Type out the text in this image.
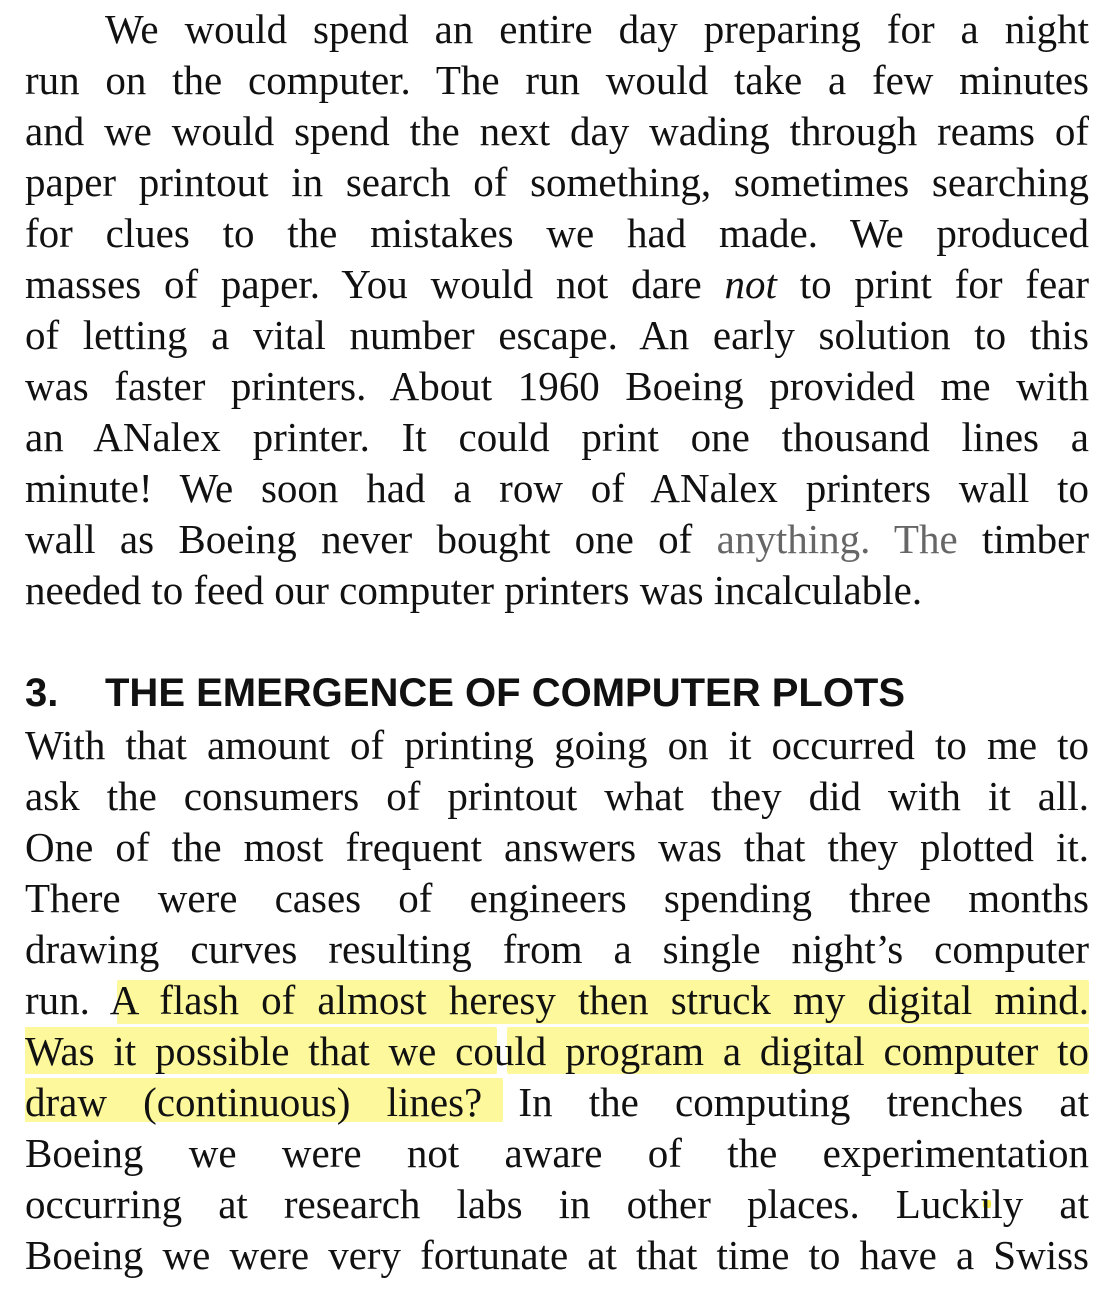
We would spend an entire day preparing for a night
run on the computer. The run would take a few minutes
and we would spend the next day wading through reams of
paper printout in search of something, sometimes searching
for clues to the mistakes we had made. We produced
masses of paper. You would not dare not to print for fear
of letting a vital number escape. An early solution to this
was faster printers. About 1960 Boeing provided me with
an ANalex printer. It could print one thousand lines a
minute! We soon had a row of ANalex printers wall to
wall as Boeing never bought one of anything. The timber
needed to feed our computer printers was incalculable.
3. THE EMERGENCE OF COMPUTER PLOTS
With that amount of printing going on it occurred to me to
ask the consumers of printout what they did with it all.
One of the most frequent answers was that they plotted it.
There were cases of engineers spending three months
drawing curves resulting from a single night’s computer
run. A flash of almost heresy then struck my digital mind.
Was it possible that we could program a digital computer to
draw (continuous) lines? In the computing trenches at
Boeing we were not aware of the experimentation
occurring at research labs in other places. Luckily at
Boeing we were very fortunate at that time to have a Swiss
